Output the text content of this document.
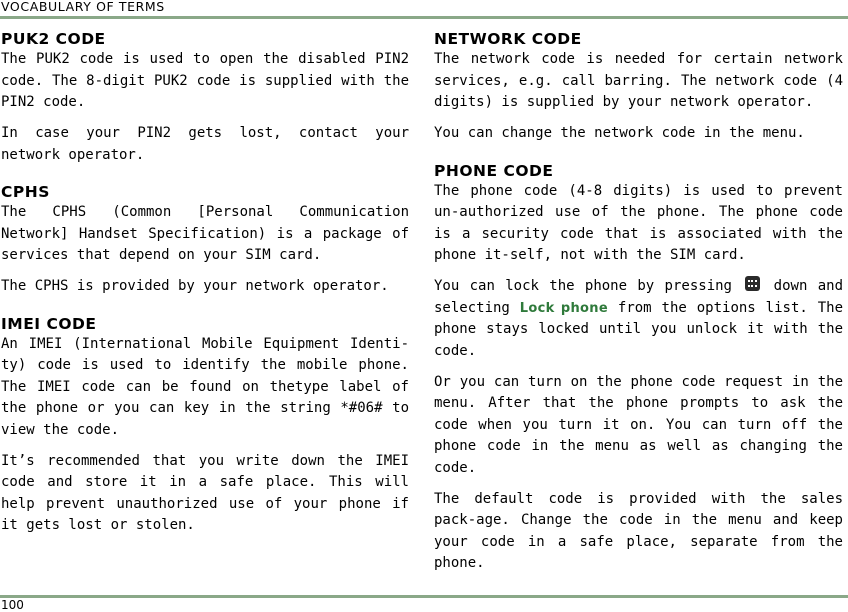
VOCABULARY OF TERMS
PUK2 CODE

The PUK2 code is used to open the disabled PIN2 code. The 8-digit PUK2 code is supplied with the PIN2 code.

In case your PIN2 gets lost, contact your network operator.

CPHS

The CPHS (Common [Personal Communication Network] Handset Specification) is a package of services that depend on your SIM card.

The CPHS is provided by your network operator.

IMEI CODE

An IMEI (International Mobile Equipment Identi-ty) code is used to identify the mobile phone. The IMEI code can be found on thetype label of the phone or you can key in the string *#06# to view the code.

It’s recommended that you write down the IMEI code and store it in a safe place. This will help prevent unauthorized use of your phone if it gets lost or stolen.

NETWORK CODE

The network code is needed for certain network services, e.g. call barring. The network code (4 digits) is supplied by your network operator.

You can change the network code in the menu.

PHONE CODE

The phone code (4-8 digits) is used to prevent un-authorized use of the phone. The phone code is a security code that is associated with the phone it-self, not with the SIM card.

You can lock the phone by pressing	down and selecting Lock phone from the options list. The phone stays locked until you unlock it with the code.

Or you can turn on the phone code request in the menu. After that the phone prompts to ask the code when you turn it on. You can turn off the phone code in the menu as well as changing the code.

The default code is provided with the sales pack-age. Change the code in the menu and keep your code in a safe place, separate from the phone.

100
